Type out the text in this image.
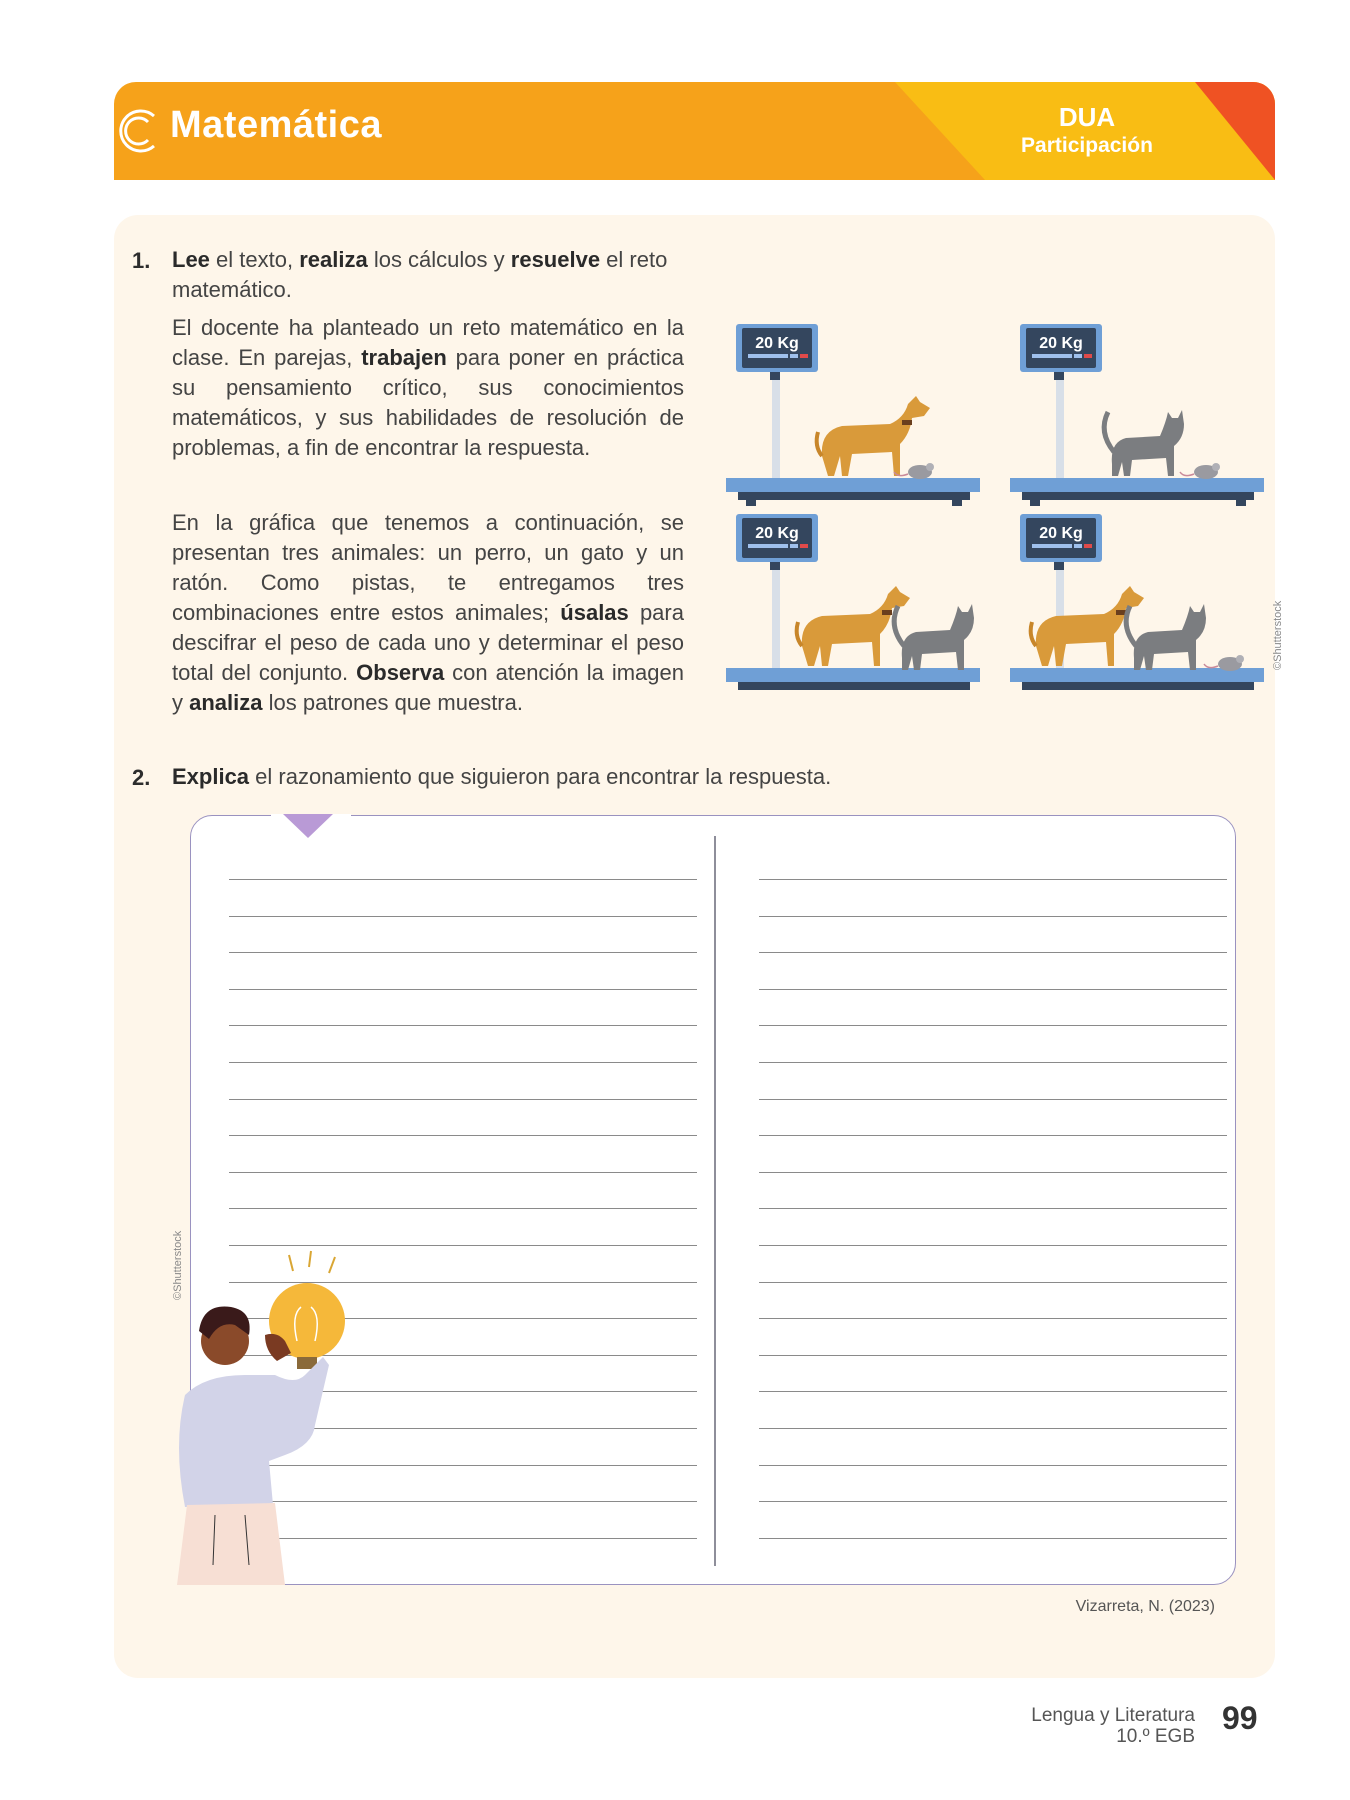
Matemática	DUA
Participación
1. Lee el texto, realiza los cálculos y resuelve el reto matemático.
El docente ha planteado un reto matemático en la clase. En parejas, trabajen para poner en práctica su pensamiento crítico, sus conocimientos matemáticos, y sus habilidades de resolución de problemas, a fin de encontrar la respuesta.
En la gráfica que tenemos a continuación, se presentan tres animales: un perro, un gato y un ratón. Como pistas, te entregamos tres combinaciones entre estos animales; úsalas para descifrar el peso de cada uno y determinar el peso total del conjunto. Observa con atención la imagen y analiza los patrones que muestra.
20 Kg	20 Kg
20 Kg	20 Kg
©Shutterstock
2. Explica el razonamiento que siguieron para encontrar la respuesta.
©Shutterstock
Vizarreta, N. (2023)
Lengua y Literatura
10.º EGB
99
